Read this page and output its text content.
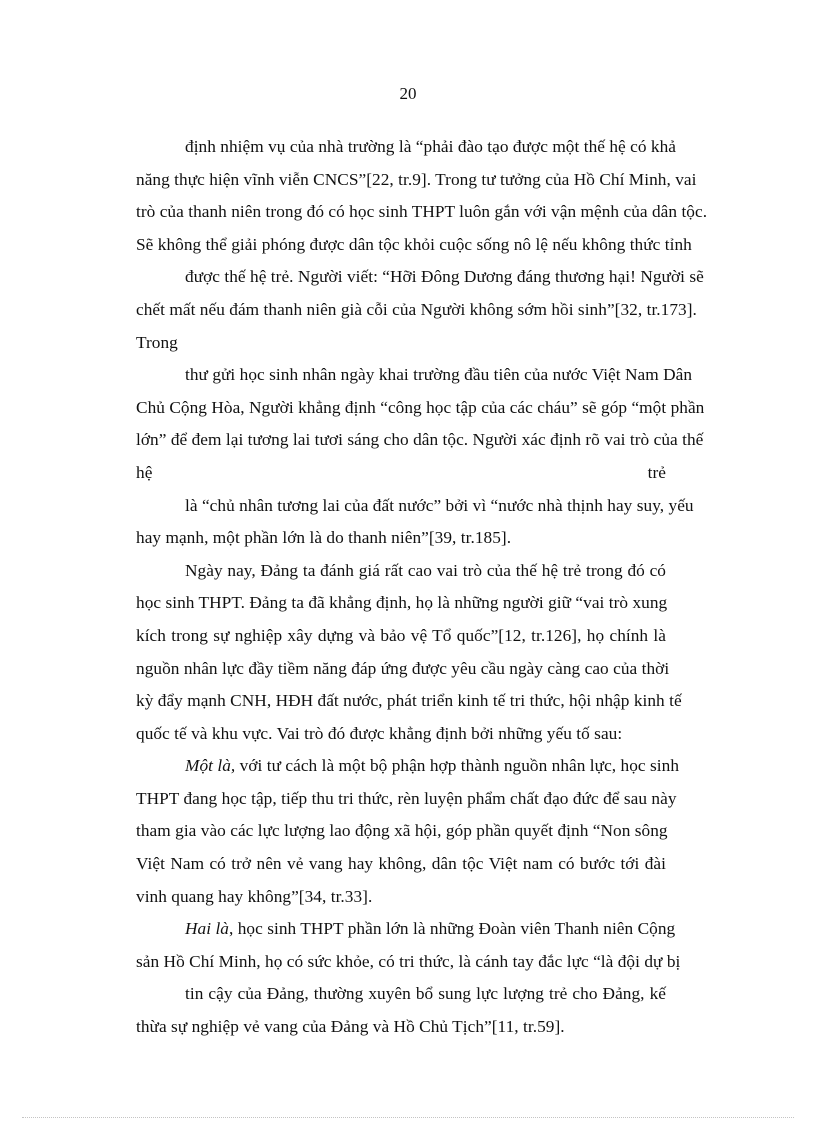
20
định nhiệm vụ của nhà trường là “phải đào tạo được một thế hệ có khả
năng thực hiện vĩnh viễn CNCS”[22, tr.9]. Trong tư tưởng của Hồ Chí Minh, vai
trò của thanh niên trong đó có học sinh THPT luôn gắn với vận mệnh của dân tộc.
Sẽ không thể giải phóng được dân tộc khỏi cuộc sống nô lệ nếu không thức tỉnh
được thế hệ trẻ. Người viết: “Hỡi Đông Dương đáng thương hại! Người sẽ
chết mất nếu đám thanh niên già cỗi của Người không sớm hồi sinh”[32, tr.173].
Trong
thư gửi học sinh nhân ngày khai trường đầu tiên của nước Việt Nam Dân
Chủ Cộng Hòa, Người khẳng định “công học tập của các cháu” sẽ góp “một phần
lớn” để đem lại tương lai tươi sáng cho dân tộc. Người xác định rõ vai trò của thế
hệ trẻ
là “chủ nhân tương lai của đất nước” bởi vì “nước nhà thịnh hay suy, yếu
hay mạnh, một phần lớn là do thanh niên”[39, tr.185].
Ngày nay, Đảng ta đánh giá rất cao vai trò của thế hệ trẻ trong đó có
học sinh THPT. Đảng ta đã khẳng định, họ là những người giữ “vai trò xung
kích trong sự nghiệp xây dựng và bảo vệ Tổ quốc”[12, tr.126], họ chính là
nguồn nhân lực đầy tiềm năng đáp ứng được yêu cầu ngày càng cao của thời
kỳ đẩy mạnh CNH, HĐH đất nước, phát triển kinh tế tri thức, hội nhập kinh tế
quốc tế và khu vực. Vai trò đó được khẳng định bởi những yếu tố sau:
Một là, với tư cách là một bộ phận hợp thành nguồn nhân lực, học sinh
THPT đang học tập, tiếp thu tri thức, rèn luyện phẩm chất đạo đức để sau này
tham gia vào các lực lượng lao động xã hội, góp phần quyết định “Non sông
Việt Nam có trở nên vẻ vang hay không, dân tộc Việt nam có bước tới đài
vinh quang hay không”[34, tr.33].
Hai là, học sinh THPT phần lớn là những Đoàn viên Thanh niên Cộng
sản Hồ Chí Minh, họ có sức khỏe, có tri thức, là cánh tay đắc lực “là đội dự bị
tin cậy của Đảng, thường xuyên bổ sung lực lượng trẻ cho Đảng, kế
thừa sự nghiệp vẻ vang của Đảng và Hồ Chủ Tịch”[11, tr.59].
